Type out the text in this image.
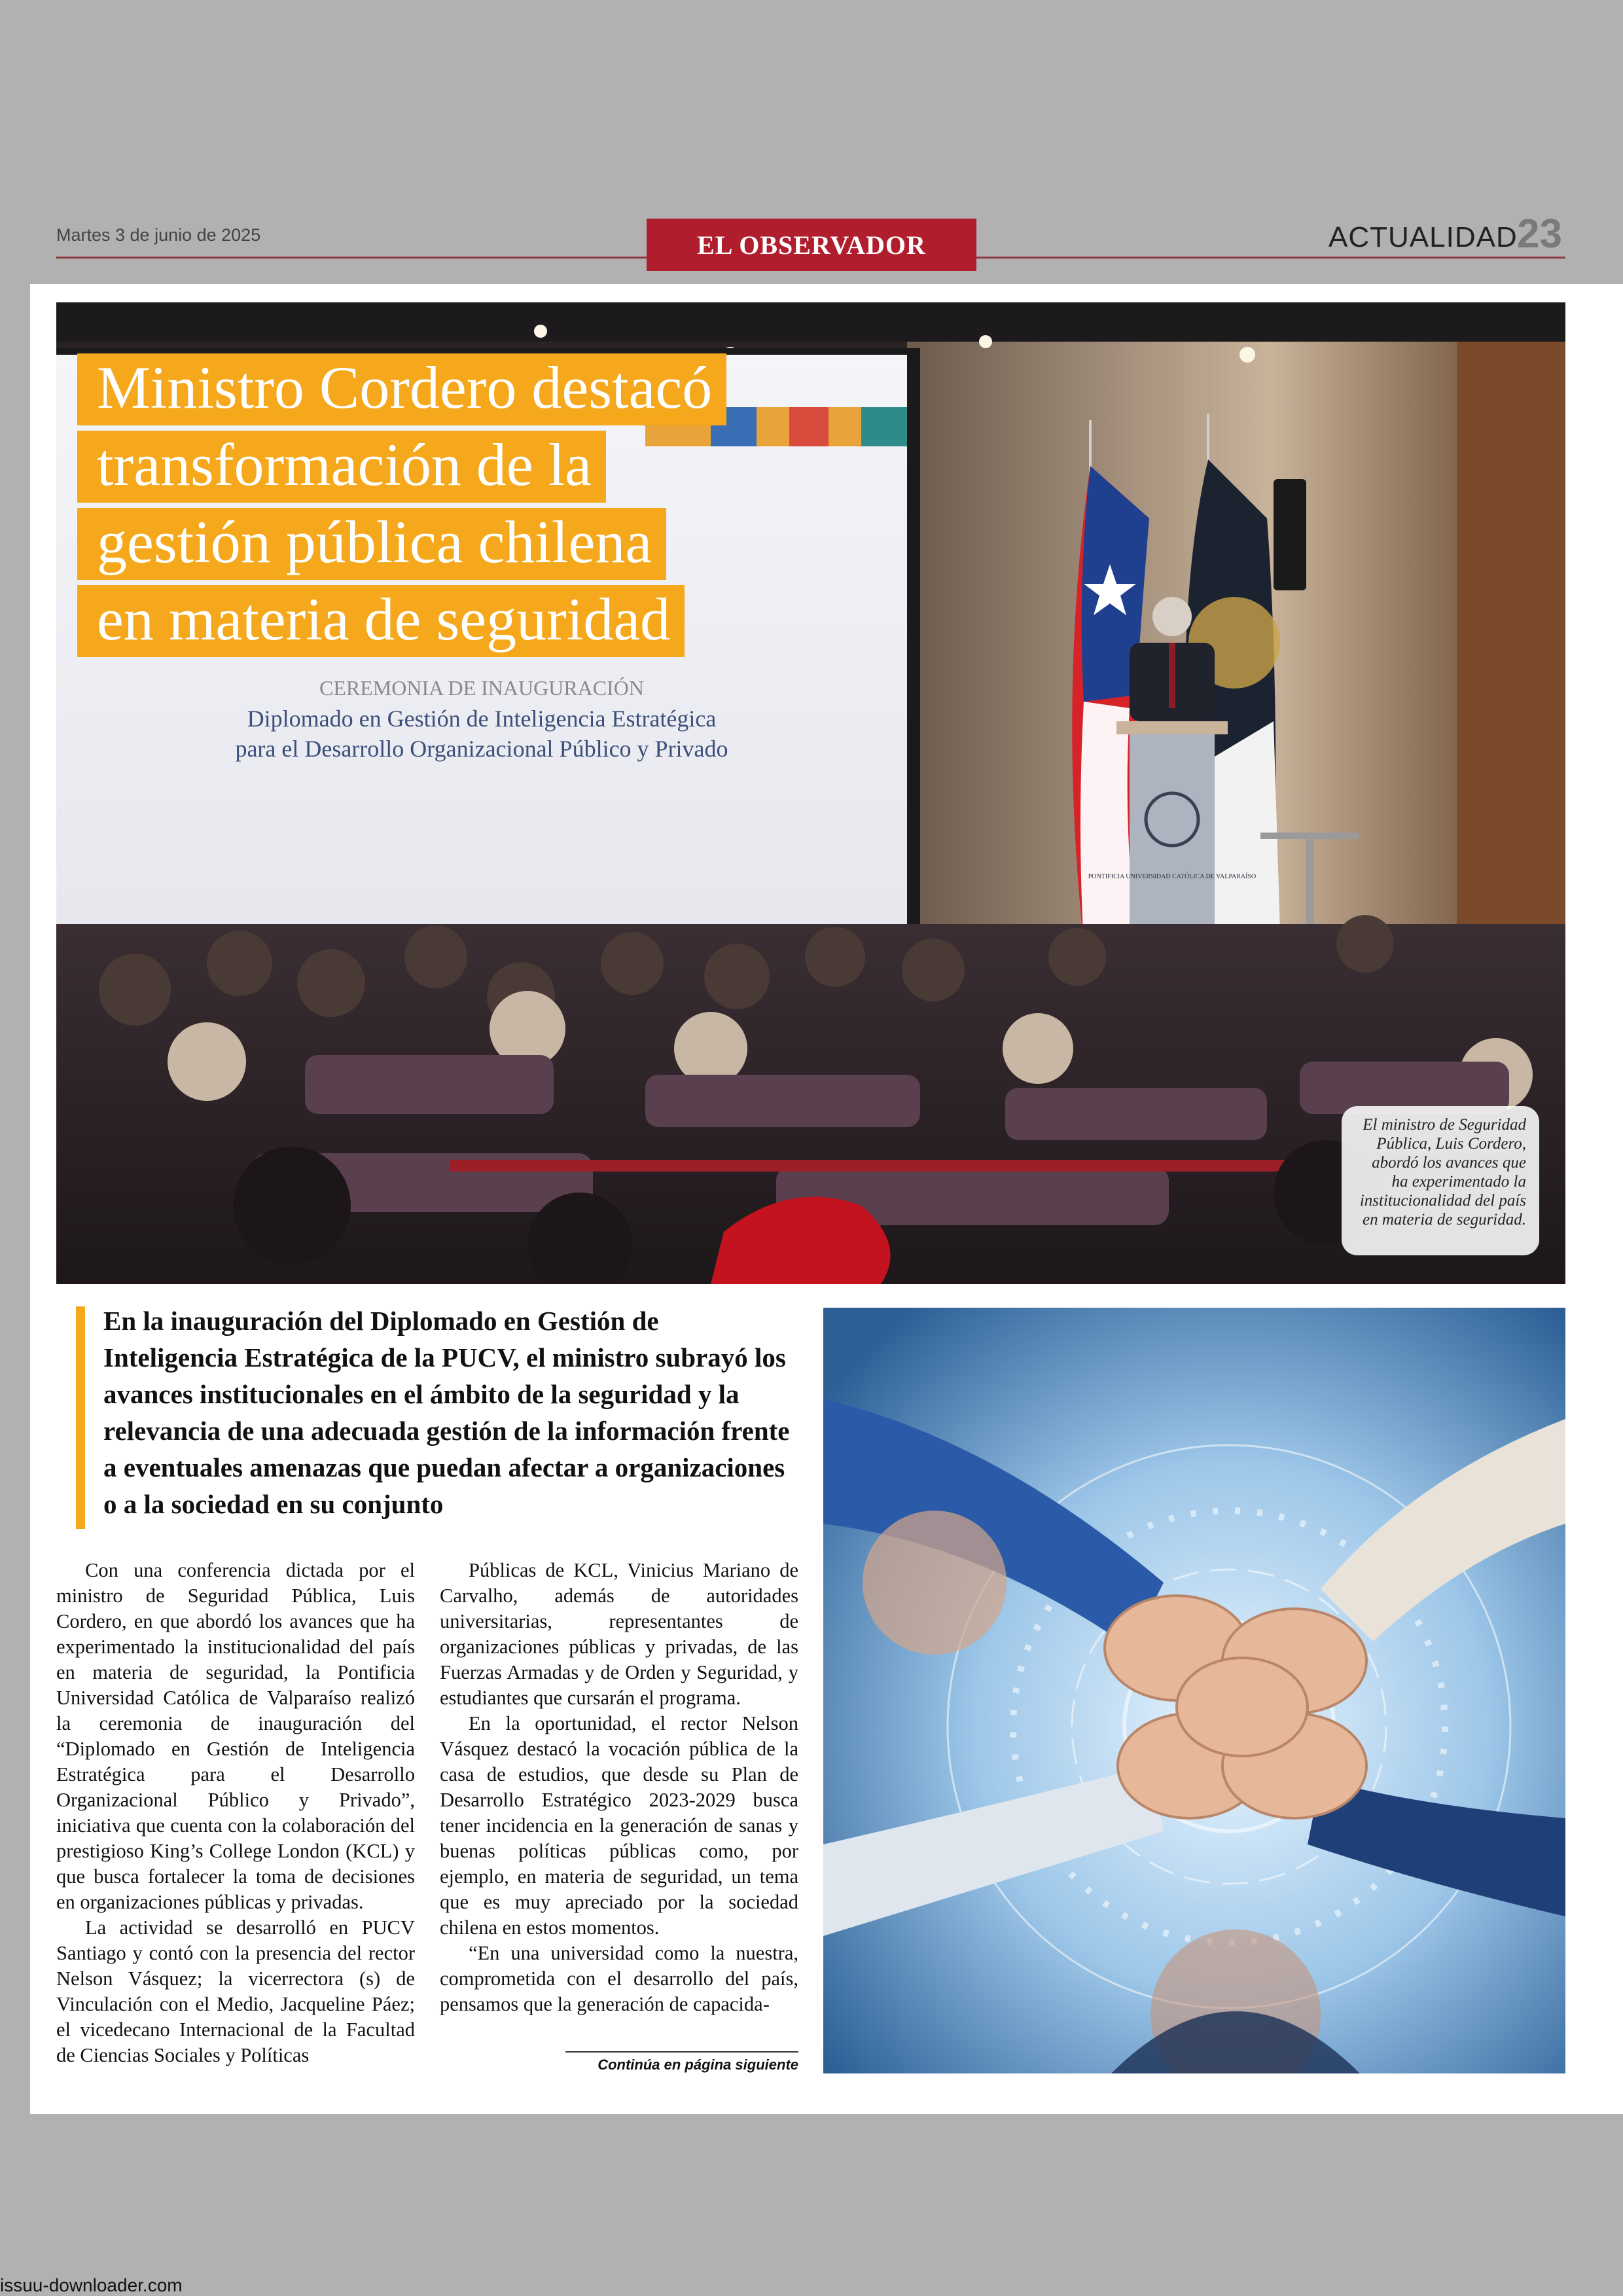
Martes 3 de junio de 2025	EL OBSERVADOR	ACTUALIDAD 23
CEREMONIA DE INAUGURACIÓN
Diplomado en Gestión de Inteligencia Estratégica
para el Desarrollo Organizacional Público y Privado
PONTIFICIA UNIVERSIDAD CATÓLICA DE VALPARAÍSO
Ministro Cordero destacó
transformación de la
gestión pública chilena
en materia de seguridad
El ministro de Seguridad Pública, Luis Cordero, abordó los avances que ha experimentado la institucionalidad del país en materia de seguridad.
En la inauguración del Diplomado en Gestión de Inteligencia Estratégica de la PUCV, el ministro subrayó los avances institucionales en el ámbito de la seguridad y la relevancia de una adecuada gestión de la información frente a eventuales amenazas que puedan afectar a organizaciones o a la sociedad en su conjunto

Con una conferencia dictada por el ministro de Seguridad Pública, Luis Cordero, en que abordó los avances que ha experimentado la institucionalidad del país en materia de seguridad, la Pontificia Universidad Católica de Valparaíso realizó la ceremonia de inauguración del “Diplomado en Gestión de Inteligencia Estratégica para el Desarrollo Organizacional Público y Privado”, iniciativa que cuenta con la colaboración del prestigioso King’s College London (KCL) y que busca fortalecer la toma de decisiones en organizaciones públicas y privadas.

La actividad se desarrolló en PUCV Santiago y contó con la presencia del rector Nelson Vásquez; la vicerrectora (s) de Vinculación con el Medio, Jacqueline Páez; el vicedecano Internacional de la Facultad de Ciencias Sociales y Políticas

Públicas de KCL, Vinicius Mariano de Carvalho, además de autoridades universitarias, representantes de organizaciones públicas y privadas, de las Fuerzas Armadas y de Orden y Seguridad, y estudiantes que cursarán el programa.

En la oportunidad, el rector Nelson Vásquez destacó la vocación pública de la casa de estudios, que desde su Plan de Desarrollo Estratégico 2023-2029 busca tener incidencia en la generación de sanas y buenas políticas públicas como, por ejemplo, en materia de seguridad, un tema que es muy apreciado por la sociedad chilena en estos momentos.

“En una universidad como la nuestra, comprometida con el desarrollo del país, pensamos que la generación de capacida-

Continúa en página siguiente
issuu-downloader.com
